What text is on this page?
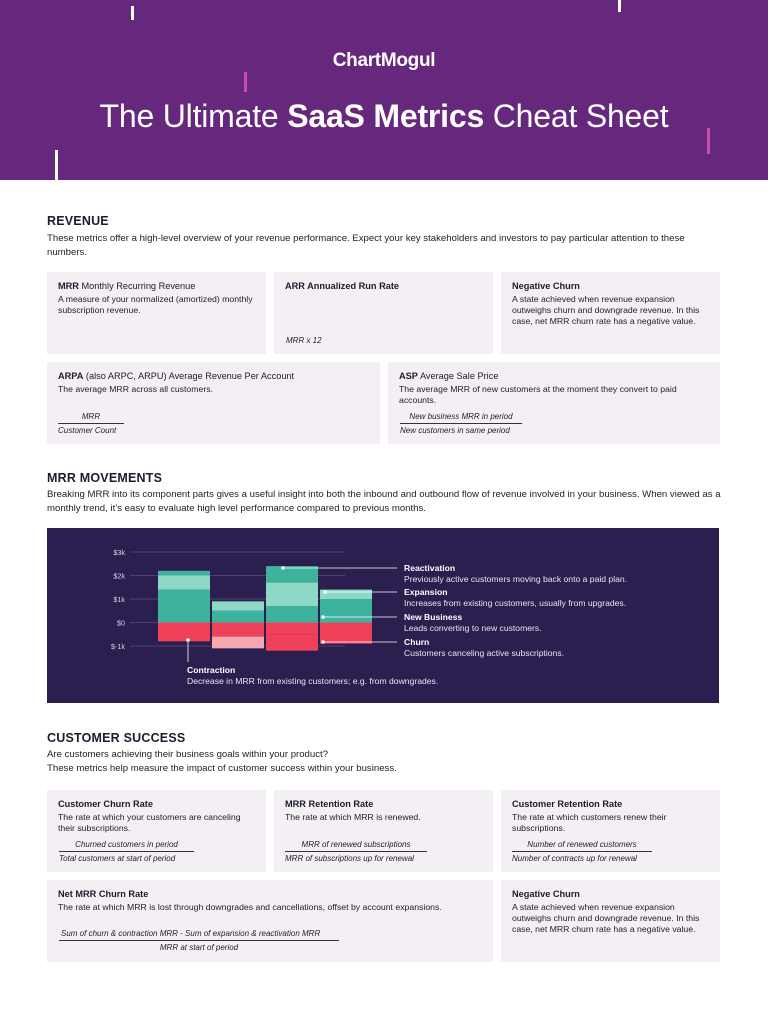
ChartMogul
The Ultimate SaaS Metrics Cheat Sheet
REVENUE
These metrics offer a high-level overview of your revenue performance. Expect your key stakeholders and investors to pay particular attention to these numbers.
MRR Monthly Recurring Revenue
A measure of your normalized (amortized) monthly subscription revenue.
ARR Annualized Run Rate
MRR x 12
Negative Churn
A state achieved when revenue expansion outweighs churn and downgrade revenue. In this case, net MRR churn rate has a negative value.
ARPA (also ARPC, ARPU) Average Revenue Per Account
The average MRR across all customers.
MRR
Customer Count
ASP Average Sale Price
The average MRR of new customers at the moment they convert to paid accounts.
New business MRR in period
New customers in same period
MRR MOVEMENTS
Breaking MRR into its component parts gives a useful insight into both the inbound and outbound flow of revenue involved in your business. When viewed as a monthly trend, it’s easy to evaluate high level performance compared to previous months.
$3k
$2k
$1k
$0
$-1k
Reactivation
Previously active customers moving back onto a paid plan.
Expansion
Increases from existing customers, usually from upgrades.
New Business
Leads converting to new customers.
Churn
Customers canceling active subscriptions.
Contraction
Decrease in MRR from existing customers; e.g. from downgrades.
CUSTOMER SUCCESS
Are customers achieving their business goals within your product?
These metrics help measure the impact of customer success within your business.
Customer Churn Rate
The rate at which your customers are canceling their subscriptions.
Churned customers in period
Total customers at start of period
MRR Retention Rate
The rate at which MRR is renewed.
MRR of renewed subscriptions
MRR of subscriptions up for renewal
Customer Retention Rate
The rate at which customers renew their subscriptions.
Number of renewed customers
Number of contracts up for renewal
Net MRR Churn Rate
The rate at which MRR is lost through downgrades and cancellations, offset by account expansions.
Sum of churn & contraction MRR - Sum of expansion & reactivation MRR
MRR at start of period
Negative Churn
A state achieved when revenue expansion outweighs churn and downgrade revenue. In this case, net MRR churn rate has a negative value.
